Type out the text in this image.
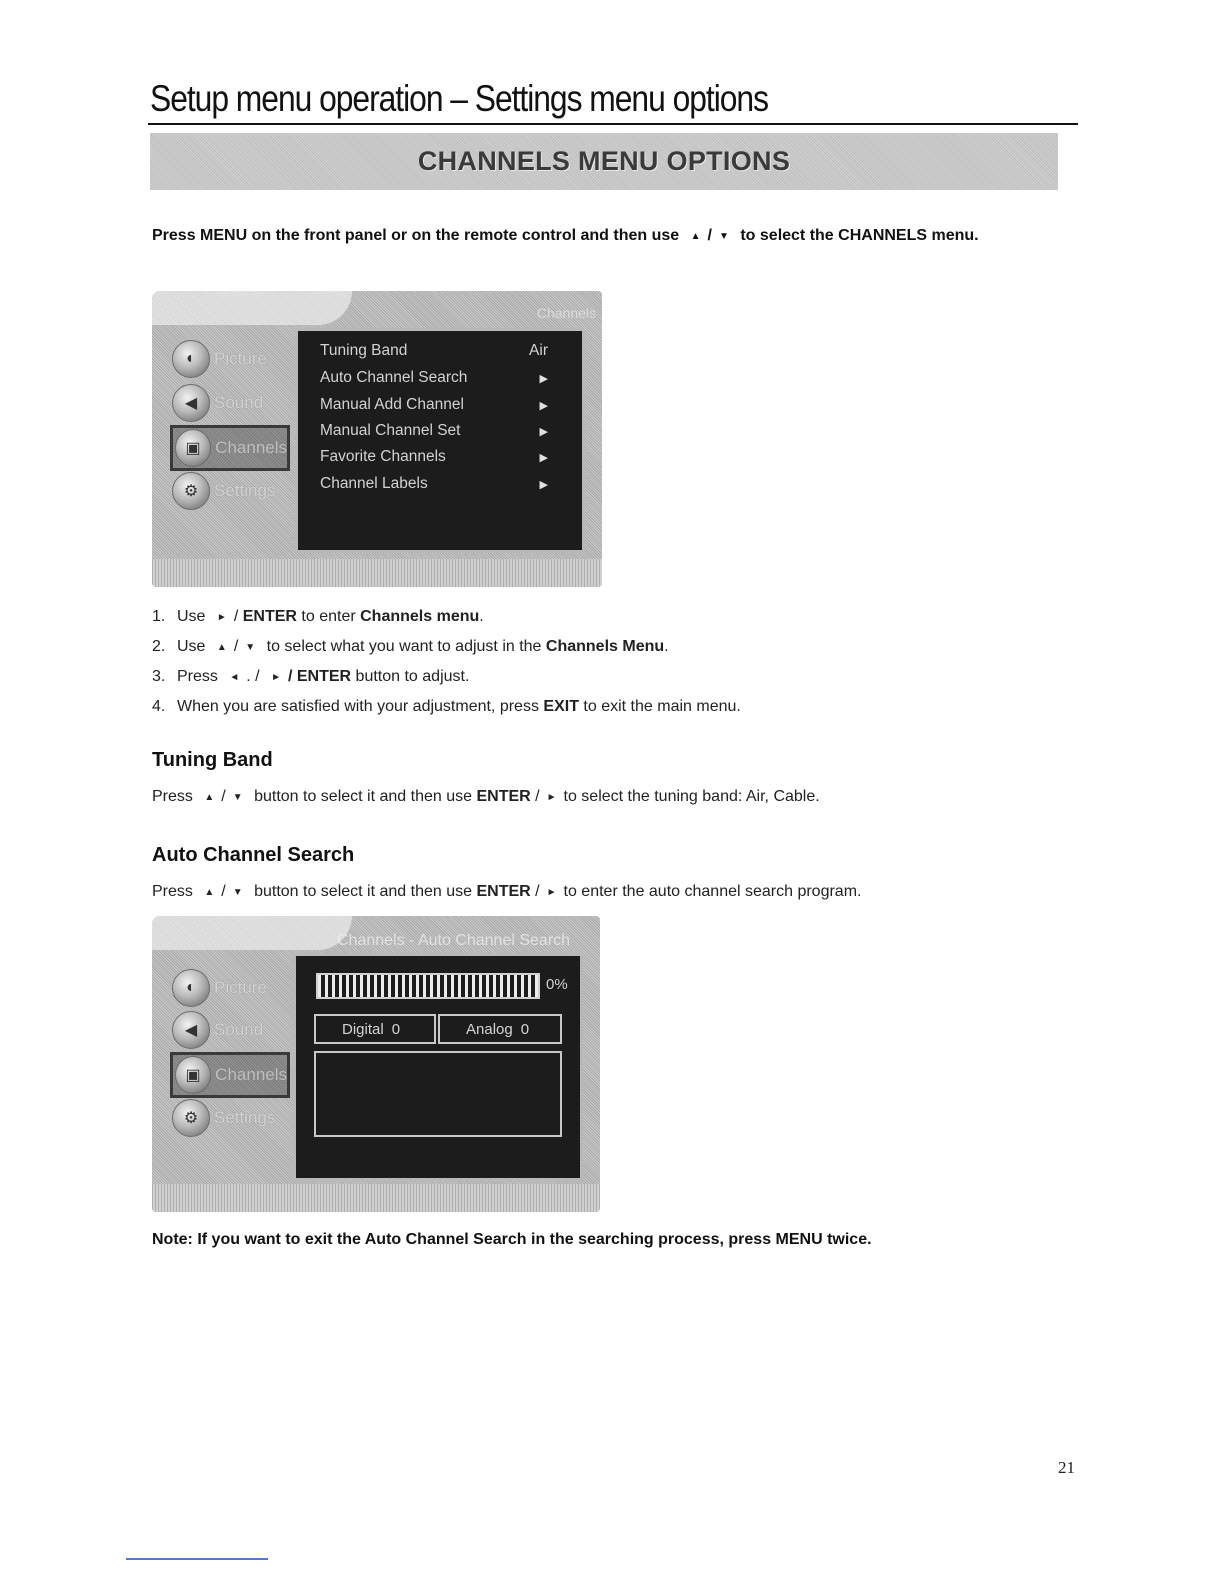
Setup menu operation – Settings menu options
CHANNELS MENU OPTIONS
Press MENU on the front panel or on the remote control and then use ▲ / ▼ to select the CHANNELS menu.
Channels
◐	Picture
◀ Sound
▣ Channels
⚙ Settings
Tuning Band	Air
Auto Channel Search	▶
Manual Add Channel	▶
Manual Channel Set	▶
Favorite Channels	▶
Channel Labels	▶
1. Use ► / ENTER to enter Channels menu.
2. Use ▲ / ▼ to select what you want to adjust in the Channels Menu.
3. Press ◄ . / ► / ENTER button to adjust.
4. When you are satisfied with your adjustment, press EXIT to exit the main menu.
Tuning Band
Press ▲ / ▼ button to select it and then use ENTER / ► to select the tuning band: Air, Cable.
Auto Channel Search
Press ▲ / ▼ button to select it and then use ENTER / ► to enter the auto channel search program.
Channels - Auto Channel Search
◐	Picture
◀ Sound
▣ Channels
⚙ Settings
0%
Digital 0	Analog 0
Note: If you want to exit the Auto Channel Search in the searching process, press MENU twice.
21
